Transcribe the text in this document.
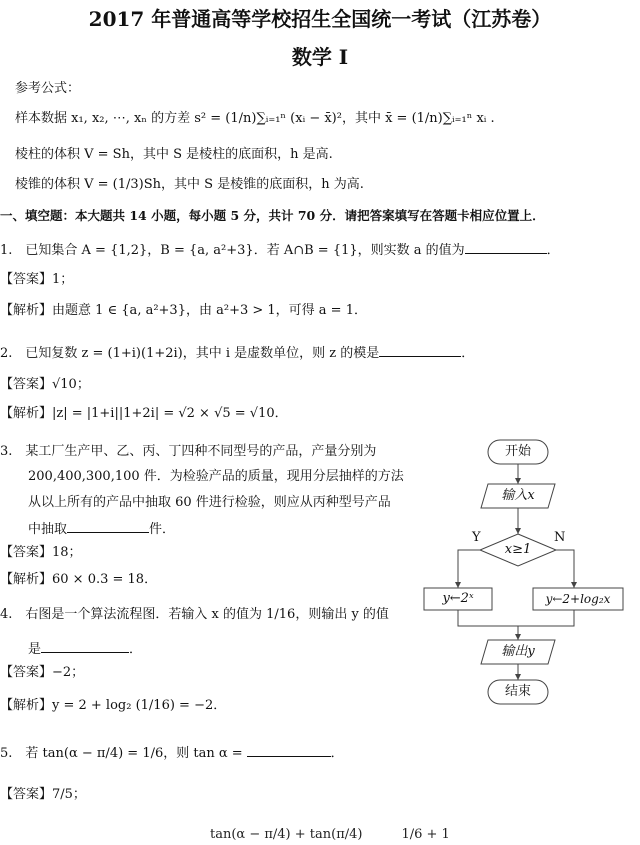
2017 年普通高等学校招生全国统一考试（江苏卷）
数学 I
参考公式：
样本数据 x₁, x₂, ⋯, xₙ 的方差 s² = (1/n)∑ᵢ₌₁ⁿ (xᵢ − x̄)²，其中 x̄ = (1/n)∑ᵢ₌₁ⁿ xᵢ .
棱柱的体积 V = Sh，其中 S 是棱柱的底面积，h 是高.
棱锥的体积 V = (1/3)Sh，其中 S 是棱锥的底面积，h 为高.
一、填空题：本大题共 14 小题，每小题 5 分，共计 70 分．请把答案填写在答题卡相应位置上．
1.　已知集合 A = {1,2}，B = {a, a²+3}．若 A∩B = {1}，则实数 a 的值为	．
【答案】1；
【解析】由题意 1 ∈ {a, a²+3}，由 a²+3 > 1，可得 a = 1．
2.　已知复数 z = (1+i)(1+2i)，其中 i 是虚数单位，则 z 的模是	．
【答案】√10；
【解析】|z| = |1+i||1+2i| = √2 × √5 = √10．
3.　某工厂生产甲、乙、丙、丁四种不同型号的产品，产量分别为
200,400,300,100 件．为检验产品的质量，现用分层抽样的方法
从以上所有的产品中抽取 60 件进行检验，则应从丙种型号产品
中抽取	件．
【答案】18；
【解析】60 × 0.3 = 18．
4.　右图是一个算法流程图．若输入 x 的值为 1/16，则输出 y 的值
是	．
【答案】−2；
【解析】y = 2 + log₂ (1/16) = −2．
5.　若 tan(α − π/4) = 1/6，则 tan α =	．
【答案】7/5；
tan(α − π/4) + tan(π/4)　　　1/6 + 1
开始
输入x
x≥1
Y	N
y←2ˣ	y←2+log₂x
输出y
结束
